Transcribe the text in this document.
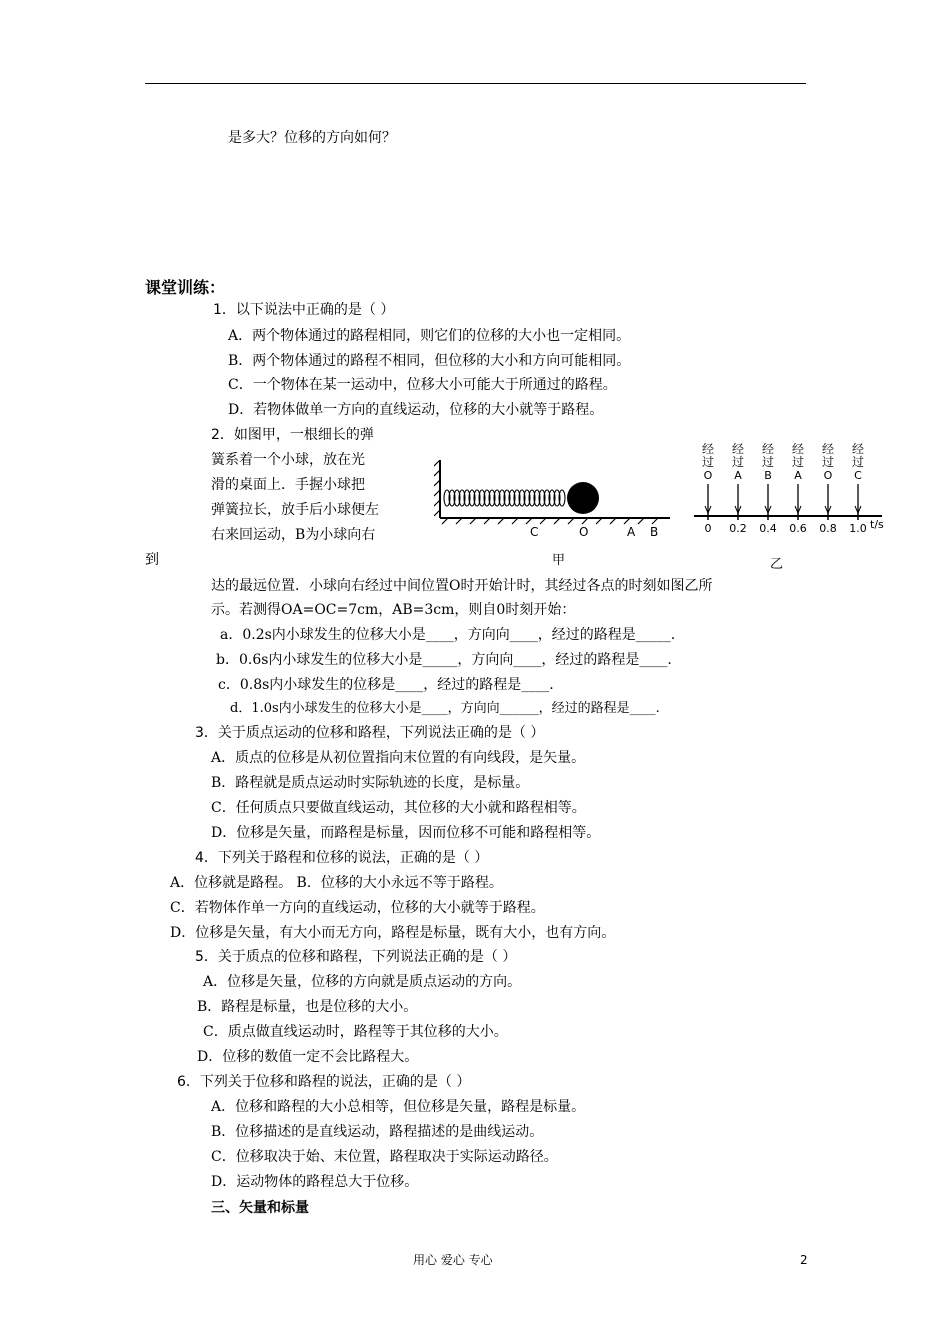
是多大？位移的方向如何？
课堂训练：
1．以下说法中正确的是（ ）
A．两个物体通过的路程相同，则它们的位移的大小也一定相同。
B．两个物体通过的路程不相同，但位移的大小和方向可能相同。
C．一个物体在某一运动中，位移大小可能大于所通过的路程。
D．若物体做单一方向的直线运动，位移的大小就等于路程。
2．如图甲，一根细长的弹
簧系着一个小球，放在光
滑的桌面上．手握小球把
弹簧拉长，放手后小球便左
右来回运动，B为小球向右
到
达的最远位置．小球向右经过中间位置O时开始计时，其经过各点的时刻如图乙所
示。若测得OA=OC=7cm，AB=3cm，则自0时刻开始：
a．0.2s内小球发生的位移大小是____，方向向____，经过的路程是_____.
b．0.6s内小球发生的位移大小是_____，方向向____，经过的路程是____.
c．0.8s内小球发生的位移是____，经过的路程是____.
d．1.0s内小球发生的位移大小是____，方向向______，经过的路程是____.
C	O	A B
甲
经
过
O
0
经
过
A
0.2
经
过
B
0.4
经
过
A
0.6
经
过
O
0.8
经
过
C
1.0 t/s
乙
3．关于质点运动的位移和路程，下列说法正确的是（ ）
A．质点的位移是从初位置指向末位置的有向线段，是矢量。
B．路程就是质点运动时实际轨迹的长度，是标量。
C．任何质点只要做直线运动，其位移的大小就和路程相等。
D．位移是矢量，而路程是标量，因而位移不可能和路程相等。
4．下列关于路程和位移的说法，正确的是（ ）
A．位移就是路程。 B．位移的大小永远不等于路程。
C．若物体作单一方向的直线运动，位移的大小就等于路程。
D．位移是矢量，有大小而无方向，路程是标量，既有大小，也有方向。
5．关于质点的位移和路程，下列说法正确的是（ ）
A．位移是矢量，位移的方向就是质点运动的方向。
B．路程是标量，也是位移的大小。
C．质点做直线运动时，路程等于其位移的大小。
D．位移的数值一定不会比路程大。
6．下列关于位移和路程的说法，正确的是（ ）
A．位移和路程的大小总相等，但位移是矢量，路程是标量。
B．位移描述的是直线运动，路程描述的是曲线运动。
C．位移取决于始、末位置，路程取决于实际运动路径。
D．运动物体的路程总大于位移。
三、矢量和标量
用心 爱心 专心	2
